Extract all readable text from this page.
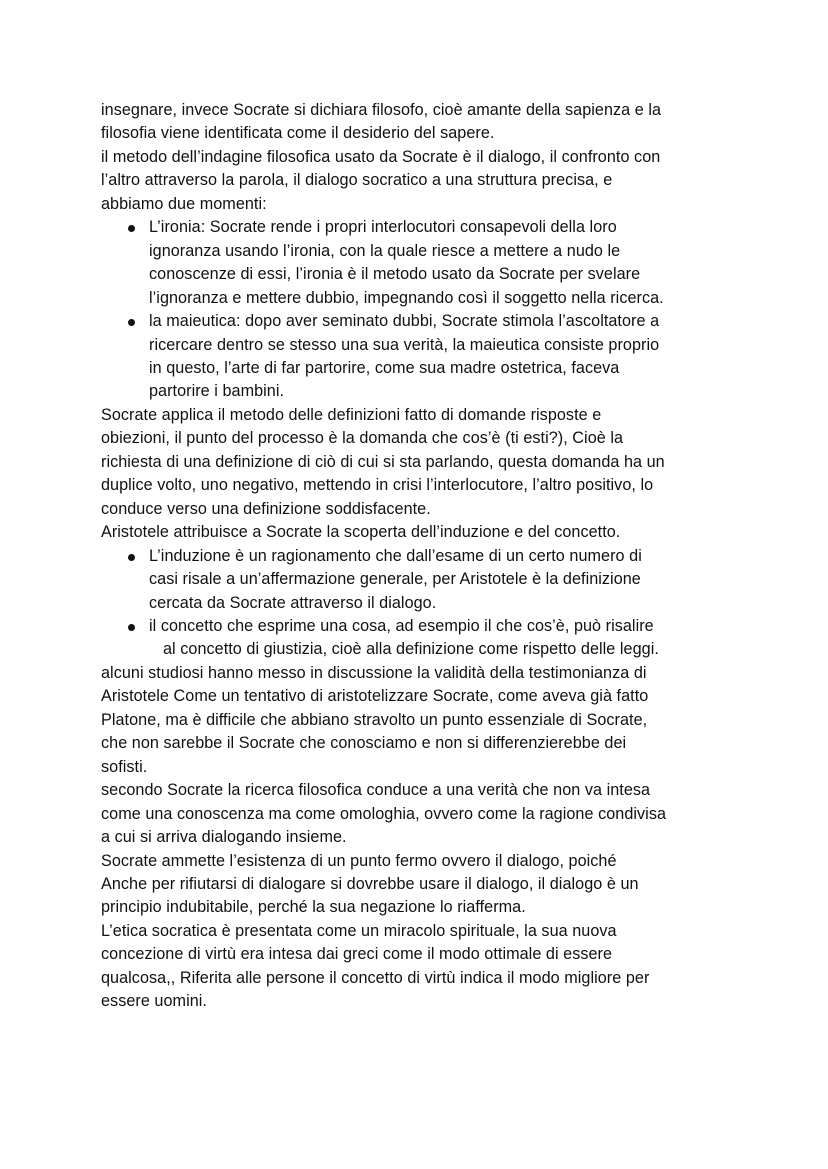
insegnare, invece Socrate si dichiara filosofo, cioè amante della sapienza e la
filosofia viene identificata come il desiderio del sapere.
il metodo dell’indagine filosofica usato da Socrate è il dialogo, il confronto con
l’altro attraverso la parola, il dialogo socratico a una struttura precisa, e
abbiamo due momenti:
L’ironia: Socrate rende i propri interlocutori consapevoli della loro
ignoranza usando l’ironia, con la quale riesce a mettere a nudo le
conoscenze di essi, l’ironia è il metodo usato da Socrate per svelare
l’ignoranza e mettere dubbio, impegnando così il soggetto nella ricerca.
la maieutica: dopo aver seminato dubbi, Socrate stimola l’ascoltatore a
ricercare dentro se stesso una sua verità, la maieutica consiste proprio
in questo, l’arte di far partorire, come sua madre ostetrica, faceva
partorire i bambini.
Socrate applica il metodo delle definizioni fatto di domande risposte e
obiezioni, il punto del processo è la domanda che cos’è (ti esti?), Cioè la
richiesta di una definizione di ciò di cui si sta parlando, questa domanda ha un
duplice volto, uno negativo, mettendo in crisi l’interlocutore, l’altro positivo, lo
conduce verso una definizione soddisfacente.
Aristotele attribuisce a Socrate la scoperta dell’induzione e del concetto.
L’induzione è un ragionamento che dall’esame di un certo numero di
casi risale a un’affermazione generale, per Aristotele è la definizione
cercata da Socrate attraverso il dialogo.
il concetto che esprime una cosa, ad esempio il che cos’è, può risalire
al concetto di giustizia, cioè alla definizione come rispetto delle leggi.
alcuni studiosi hanno messo in discussione la validità della testimonianza di
Aristotele Come un tentativo di aristotelizzare Socrate, come aveva già fatto
Platone, ma è difficile che abbiano stravolto un punto essenziale di Socrate,
che non sarebbe il Socrate che conosciamo e non si differenzierebbe dei
sofisti.
secondo Socrate la ricerca filosofica conduce a una verità che non va intesa
come una conoscenza ma come omologhia, ovvero come la ragione condivisa
a cui si arriva dialogando insieme.
Socrate ammette l’esistenza di un punto fermo ovvero il dialogo, poiché
Anche per rifiutarsi di dialogare si dovrebbe usare il dialogo, il dialogo è un
principio indubitabile, perché la sua negazione lo riafferma.
L’etica socratica è presentata come un miracolo spirituale, la sua nuova
concezione di virtù era intesa dai greci come il modo ottimale di essere
qualcosa,, Riferita alle persone il concetto di virtù indica il modo migliore per
essere uomini.
